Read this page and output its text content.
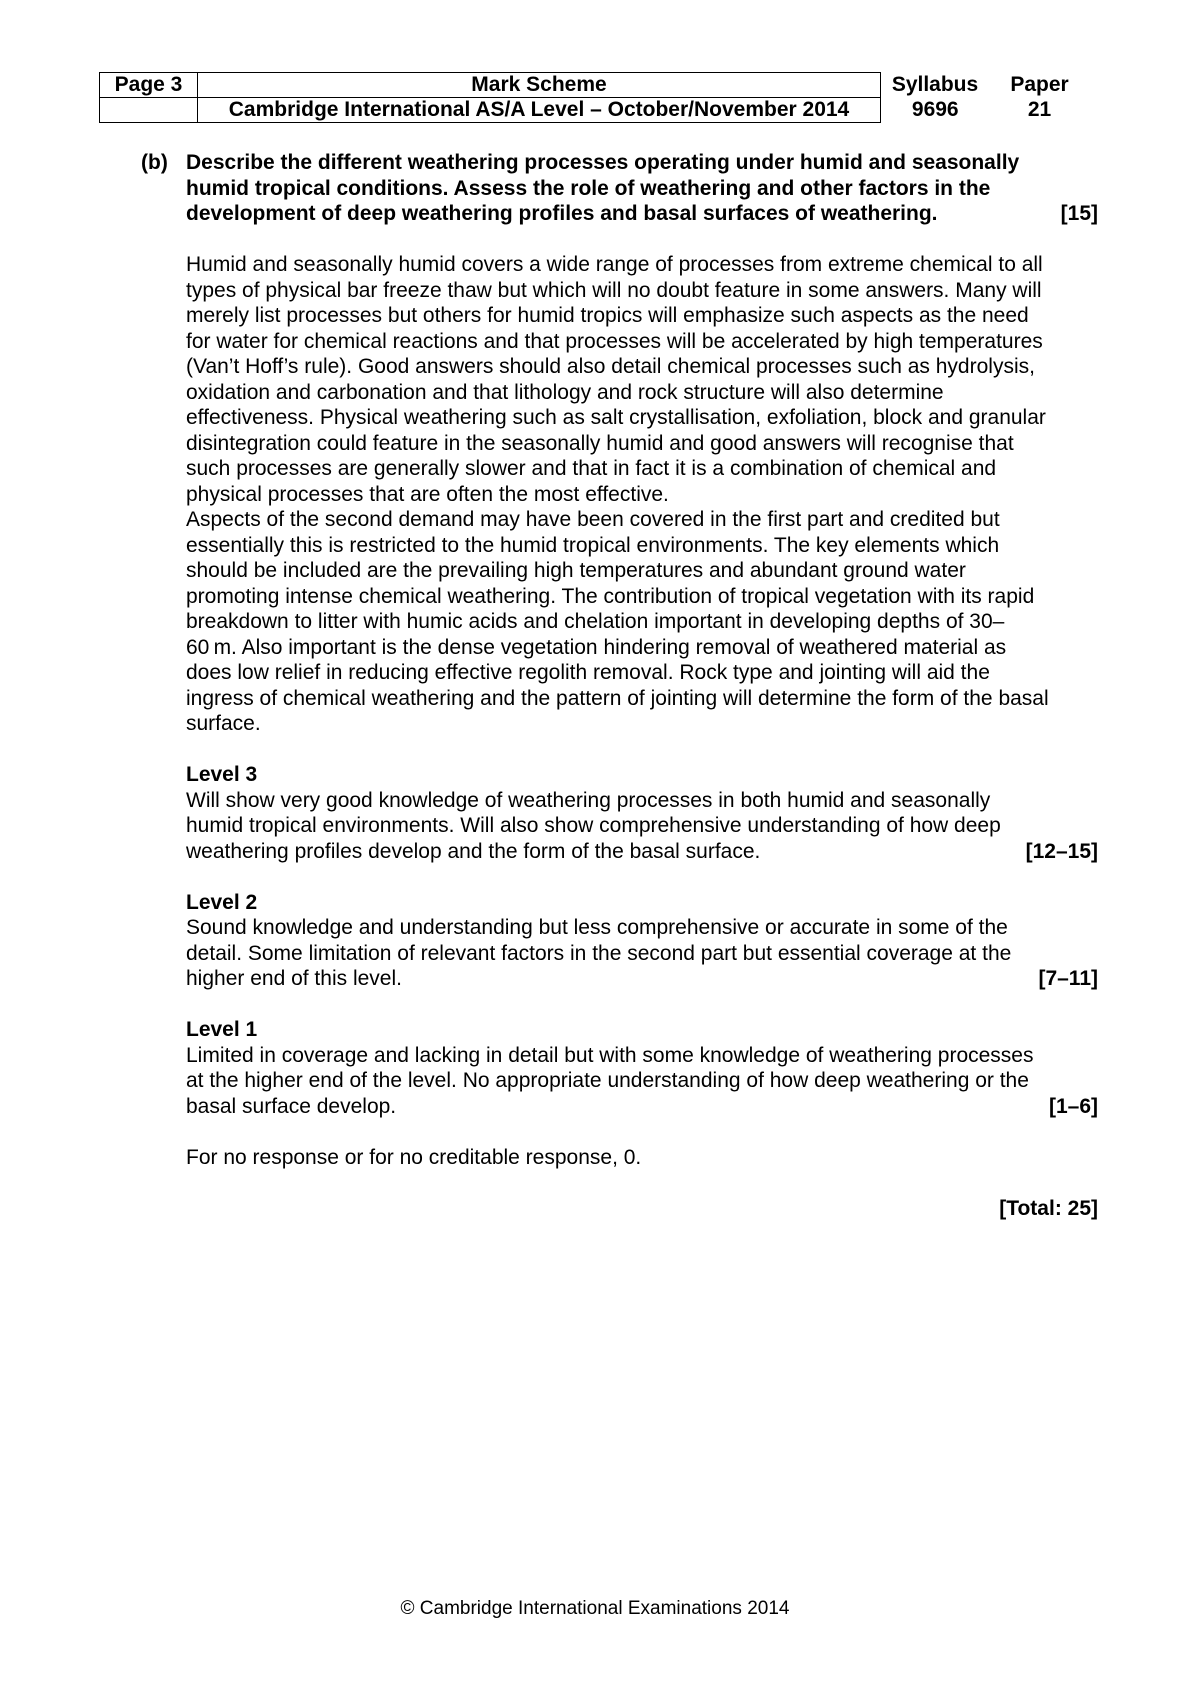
Page 3	Mark Scheme	Syllabus	Paper
	Cambridge International AS/A Level – October/November 2014	9696	21
(b) Describe the different weathering processes operating under humid and seasonally
humid tropical conditions. Assess the role of weathering and other factors in the
development of deep weathering profiles and basal surfaces of weathering.	[15]
Humid and seasonally humid covers a wide range of processes from extreme chemical to all
types of physical bar freeze thaw but which will no doubt feature in some answers. Many will
merely list processes but others for humid tropics will emphasize such aspects as the need
for water for chemical reactions and that processes will be accelerated by high temperatures
(Van’t Hoff’s rule). Good answers should also detail chemical processes such as hydrolysis,
oxidation and carbonation and that lithology and rock structure will also determine
effectiveness. Physical weathering such as salt crystallisation, exfoliation, block and granular
disintegration could feature in the seasonally humid and good answers will recognise that
such processes are generally slower and that in fact it is a combination of chemical and
physical processes that are often the most effective.
Aspects of the second demand may have been covered in the first part and credited but
essentially this is restricted to the humid tropical environments. The key elements which
should be included are the prevailing high temperatures and abundant ground water
promoting intense chemical weathering. The contribution of tropical vegetation with its rapid
breakdown to litter with humic acids and chelation important in developing depths of 30–
60 m. Also important is the dense vegetation hindering removal of weathered material as
does low relief in reducing effective regolith removal. Rock type and jointing will aid the
ingress of chemical weathering and the pattern of jointing will determine the form of the basal
surface.
Level 3
Will show very good knowledge of weathering processes in both humid and seasonally
humid tropical environments. Will also show comprehensive understanding of how deep
weathering profiles develop and the form of the basal surface.	[12–15]
Level 2
Sound knowledge and understanding but less comprehensive or accurate in some of the
detail. Some limitation of relevant factors in the second part but essential coverage at the
higher end of this level.	[7–11]
Level 1
Limited in coverage and lacking in detail but with some knowledge of weathering processes
at the higher end of the level. No appropriate understanding of how deep weathering or the
basal surface develop.	[1–6]

For no response or for no creditable response, 0.

[Total: 25]
© Cambridge International Examinations 2014
